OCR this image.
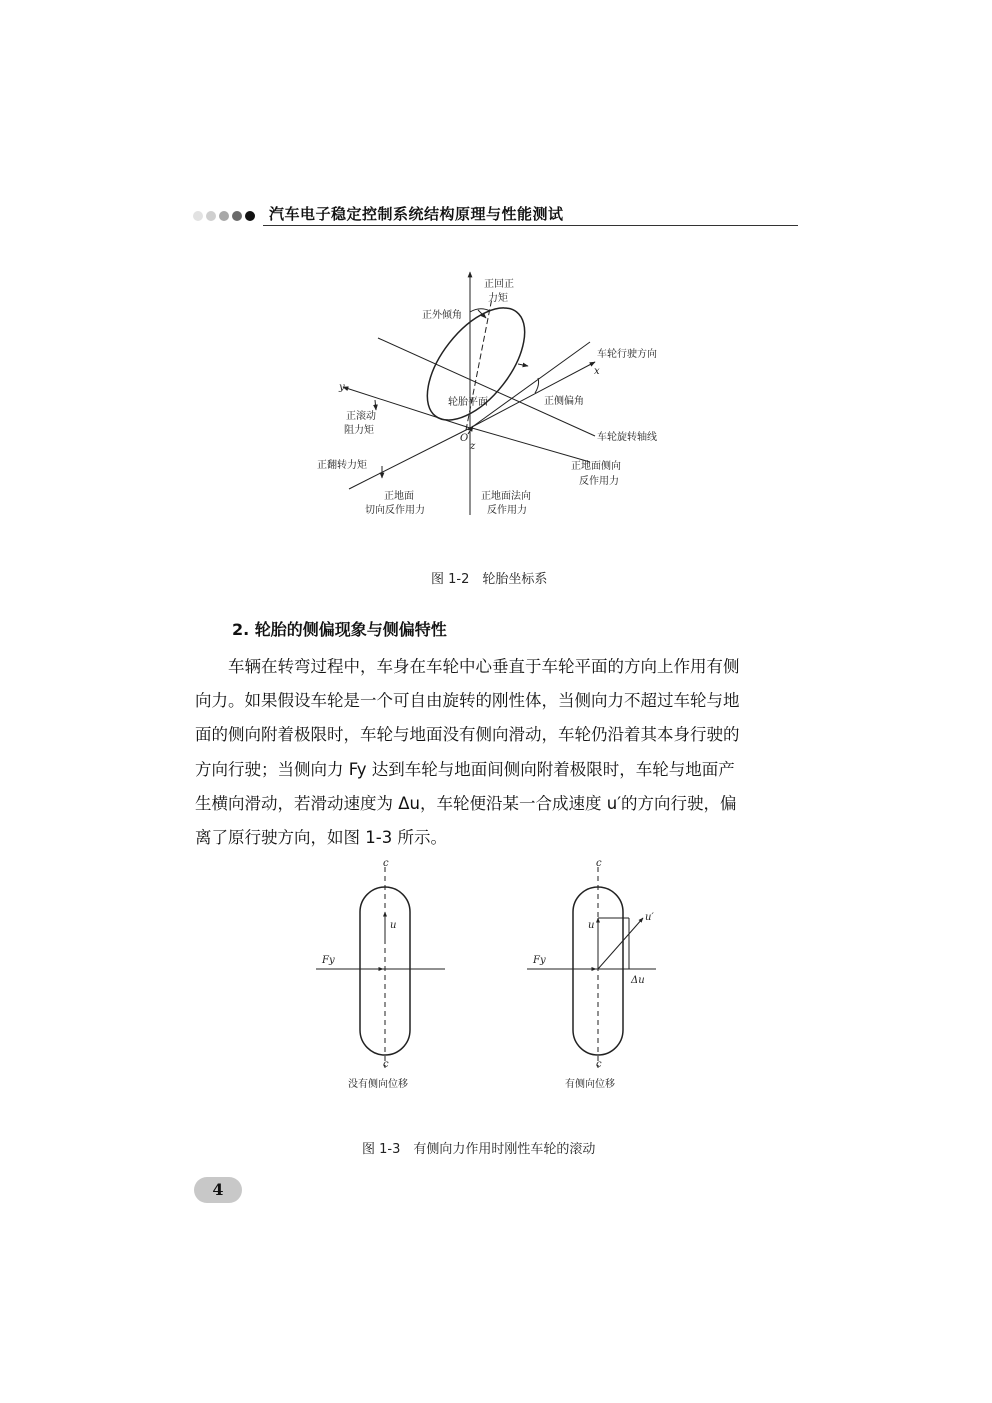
汽车电子稳定控制系统结构原理与性能测试
正回正
力矩
正外倾角
车轮行驶方向
x
y
正侧偏角
轮胎平面
正滚动
阻力矩
车轮旋转轴线
O
z
正翻转力矩	正地面侧向
反作用力
正地面
切向反作用力
正地面法向
反作用力
图 1-2　轮胎坐标系
2. 轮胎的侧偏现象与侧偏特性

　　车辆在转弯过程中，车身在车轮中心垂直于车轮平面的方向上作用有侧

向力。如果假设车轮是一个可自由旋转的刚性体，当侧向力不超过车轮与地

面的侧向附着极限时，车轮与地面没有侧向滑动，车轮仍沿着其本身行驶的

方向行驶；当侧向力 Fy 达到车轮与地面间侧向附着极限时，车轮与地面产

生横向滑动，若滑动速度为 Δu，车轮便沿某一合成速度 u′的方向行驶，偏

离了原行驶方向，如图 1-3 所示。

c
u
Fy
c
没有侧向位移
c
u
u′
Fy
Δu
c
有侧向位移
图 1-3　有侧向力作用时刚性车轮的滚动
4
